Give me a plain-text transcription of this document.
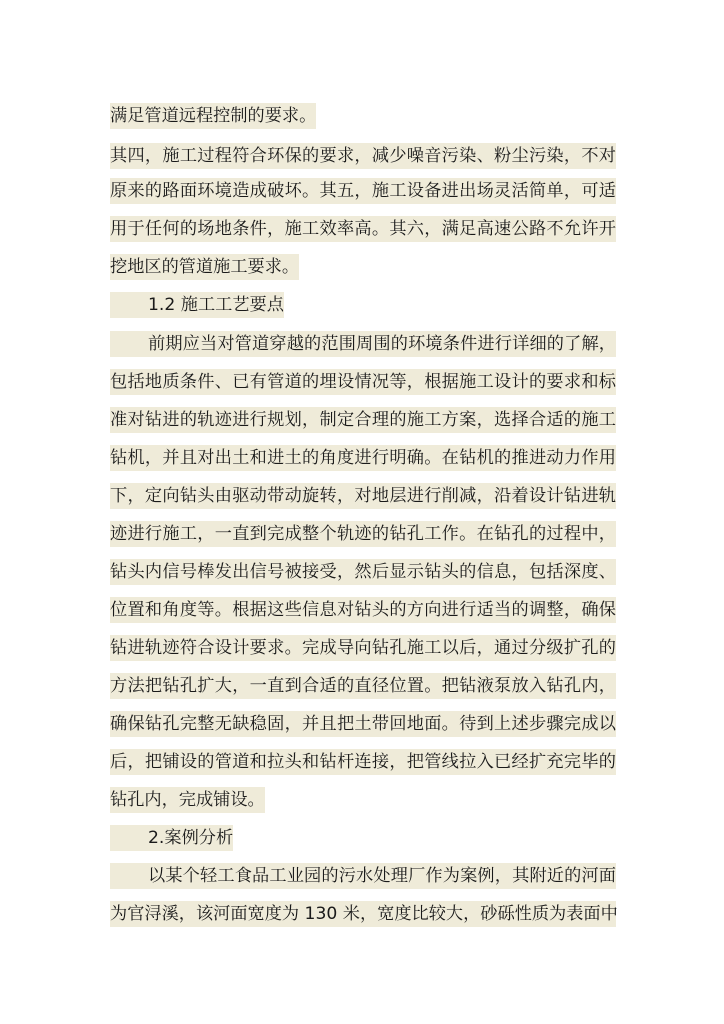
满足管道远程控制的要求。
其四，施工过程符合环保的要求，减少噪音污染、粉尘污染，不对
原来的路面环境造成破坏。其五，施工设备进出场灵活简单，可适
用于任何的场地条件，施工效率高。其六，满足高速公路不允许开
挖地区的管道施工要求。
1.2 施工工艺要点
前期应当对管道穿越的范围周围的环境条件进行详细的了解，
包括地质条件、已有管道的埋设情况等，根据施工设计的要求和标
准对钻进的轨迹进行规划，制定合理的施工方案，选择合适的施工
钻机，并且对出土和进土的角度进行明确。在钻机的推进动力作用
下，定向钻头由驱动带动旋转，对地层进行削减，沿着设计钻进轨
迹进行施工，一直到完成整个轨迹的钻孔工作。在钻孔的过程中，
钻头内信号棒发出信号被接受，然后显示钻头的信息，包括深度、
位置和角度等。根据这些信息对钻头的方向进行适当的调整，确保
钻进轨迹符合设计要求。完成导向钻孔施工以后，通过分级扩孔的
方法把钻孔扩大，一直到合适的直径位置。把钻液泵放入钻孔内，
确保钻孔完整无缺稳固，并且把土带回地面。待到上述步骤完成以
后，把铺设的管道和拉头和钻杆连接，把管线拉入已经扩充完毕的
钻孔内，完成铺设。
2.案例分析
以某个轻工食品工业园的污水处理厂作为案例，其附近的河面
为官浔溪，该河面宽度为 130 米，宽度比较大，砂砾性质为表面中
